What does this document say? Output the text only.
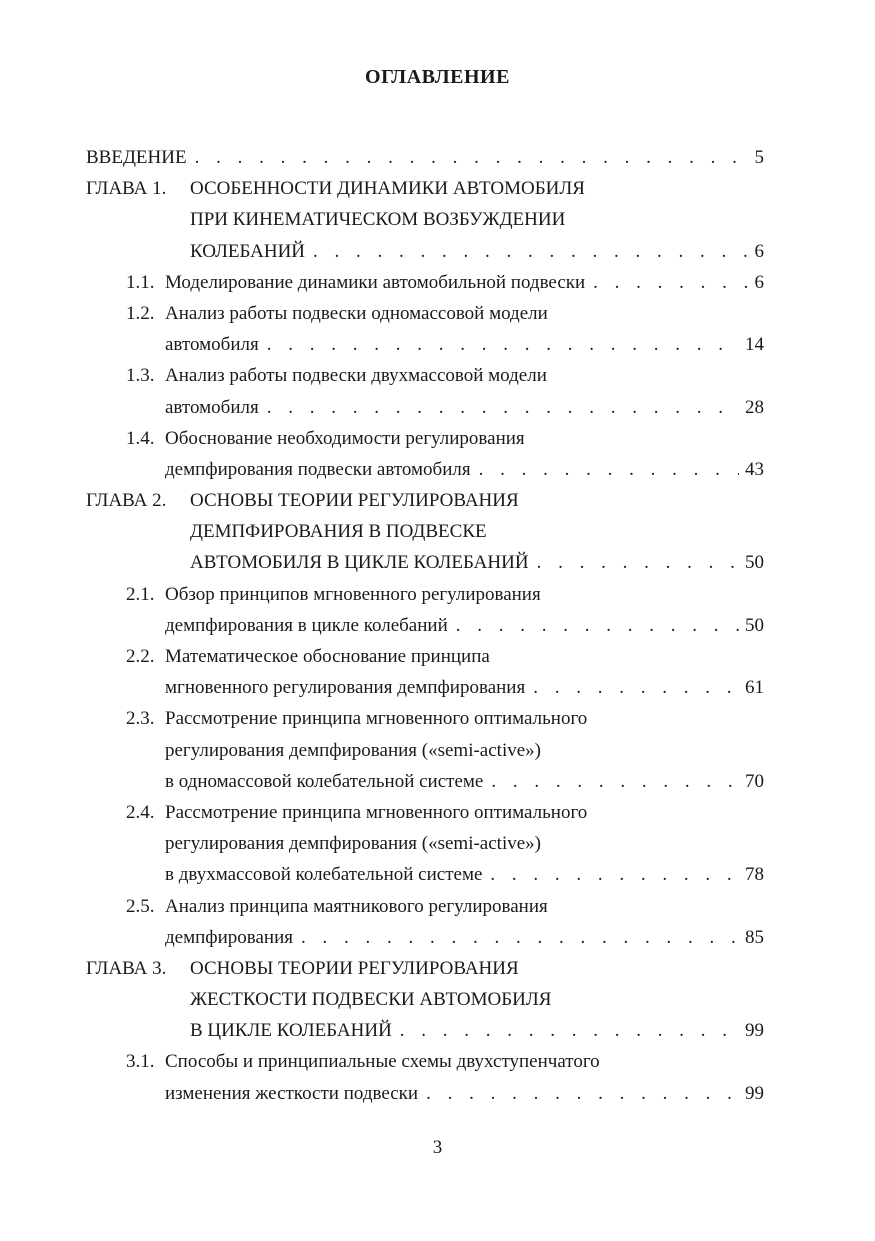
ОГЛАВЛЕНИЕ
ВВЕДЕНИЕ . . .	5
ГЛАВА 1.	ОСОБЕННОСТИ ДИНАМИКИ АВТОМОБИЛЯ
ПРИ КИНЕМАТИЧЕСКОМ ВОЗБУЖДЕНИИ
КОЛЕБАНИЙ . . .	6
1.1. Моделирование динамики автомобильной подвески . . .	6
1.2. Анализ работы подвески одномассовой модели
автомобиля . . .	14
1.3. Анализ работы подвески двухмассовой модели
автомобиля . . .	28
1.4. Обоснование необходимости регулирования
демпфирования подвески автомобиля . . .	43
ГЛАВА 2.	ОСНОВЫ ТЕОРИИ РЕГУЛИРОВАНИЯ
ДЕМПФИРОВАНИЯ В ПОДВЕСКЕ
АВТОМОБИЛЯ В ЦИКЛЕ КОЛЕБАНИЙ . . .	50
2.1. Обзор принципов мгновенного регулирования
демпфирования в цикле колебаний . . .	50
2.2. Математическое обоснование принципа
мгновенного регулирования демпфирования . . .	61
2.3. Рассмотрение принципа мгновенного оптимального
регулирования демпфирования («semi-active»)
в одномассовой колебательной системе . . .	70
2.4. Рассмотрение принципа мгновенного оптимального
регулирования демпфирования («semi-active»)
в двухмассовой колебательной системе . . .	78
2.5. Анализ принципа маятникового регулирования
демпфирования . . .	85
ГЛАВА 3.	ОСНОВЫ ТЕОРИИ РЕГУЛИРОВАНИЯ
ЖЕСТКОСТИ ПОДВЕСКИ АВТОМОБИЛЯ
В ЦИКЛЕ КОЛЕБАНИЙ . . .	99
3.1. Способы и принципиальные схемы двухступенчатого
изменения жесткости подвески . . .	99
3
